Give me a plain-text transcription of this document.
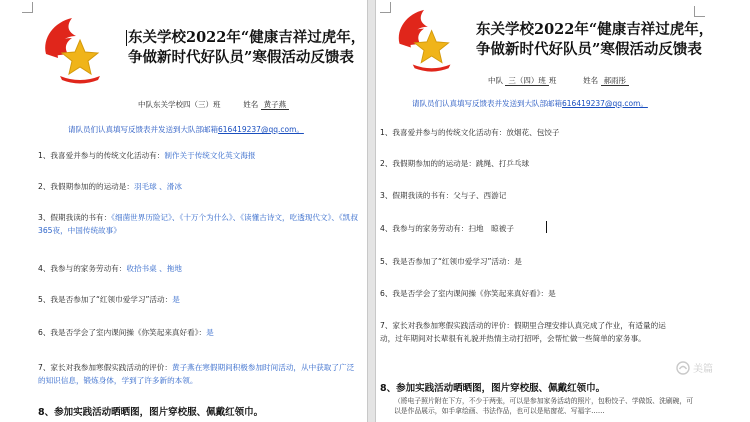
东关学校2022年“健康吉祥过虎年，
争做新时代好队员”寒假活动反馈表
中队东关学校四（三）班	姓名 黄子燕
请队员们认真填写反馈表并发送到大队部邮箱616419237@qq.com。
1、我喜爱并参与的传统文化活动有：制作关于传统文化英文海报
2、我假期参加的的运动是：羽毛球 、滑冰
3、假期我读的书有：《细菌世界历险记》、《十万个为什么》、《读懂古诗文，吃透现代文》、《凯叔365夜，中国传统故事》
4、我参与的家务劳动有：收拾书桌 、拖地
5、我是否参加了“红领巾爱学习”活动：是
6、我是否学会了室内课间操《你笑起来真好看》：是
7、家长对我参加寒假实践活动的评价：黄子燕在寒假期间积极参加时间活动，从中获取了广泛的知识信息，锻炼身体，学到了许多新的本领。
8、参加实践活动晒晒图，图片穿校服、佩戴红领巾。
东关学校2022年“健康吉祥过虎年，
争做新时代好队员”寒假活动反馈表
中队 三（四）班 班	姓名 郝雨彤
请队员们认真填写反馈表并发送到大队部邮箱616419237@qq.com。
1、我喜爱并参与的传统文化活动有：放烟花、包饺子
2、我假期参加的的运动是：跳绳、打乒乓球
3、假期我读的书有：父与子、西游记
4、我参与的家务劳动有：扫地　晾被子
5、我是否参加了“红领巾爱学习”活动：是
6、我是否学会了室内课间操《你笑起来真好看》：是
7、家长对我参加寒假实践活动的评价：假期里合理安排认真完成了作业，有适量的运动，过年期间对长辈很有礼貌并热情主动打招呼，会帮忙做一些简单的家务事。
8、参加实践活动晒晒图，图片穿校服、佩戴红领巾。
（將电子照片附在下方，不少于两张，可以是参加家务活动的照片，包粉饺子、学做饭、洗刷碗，可以是作品展示，如手拿绘画、书法作品，也可以是贴窗花、写福字……
美篇
